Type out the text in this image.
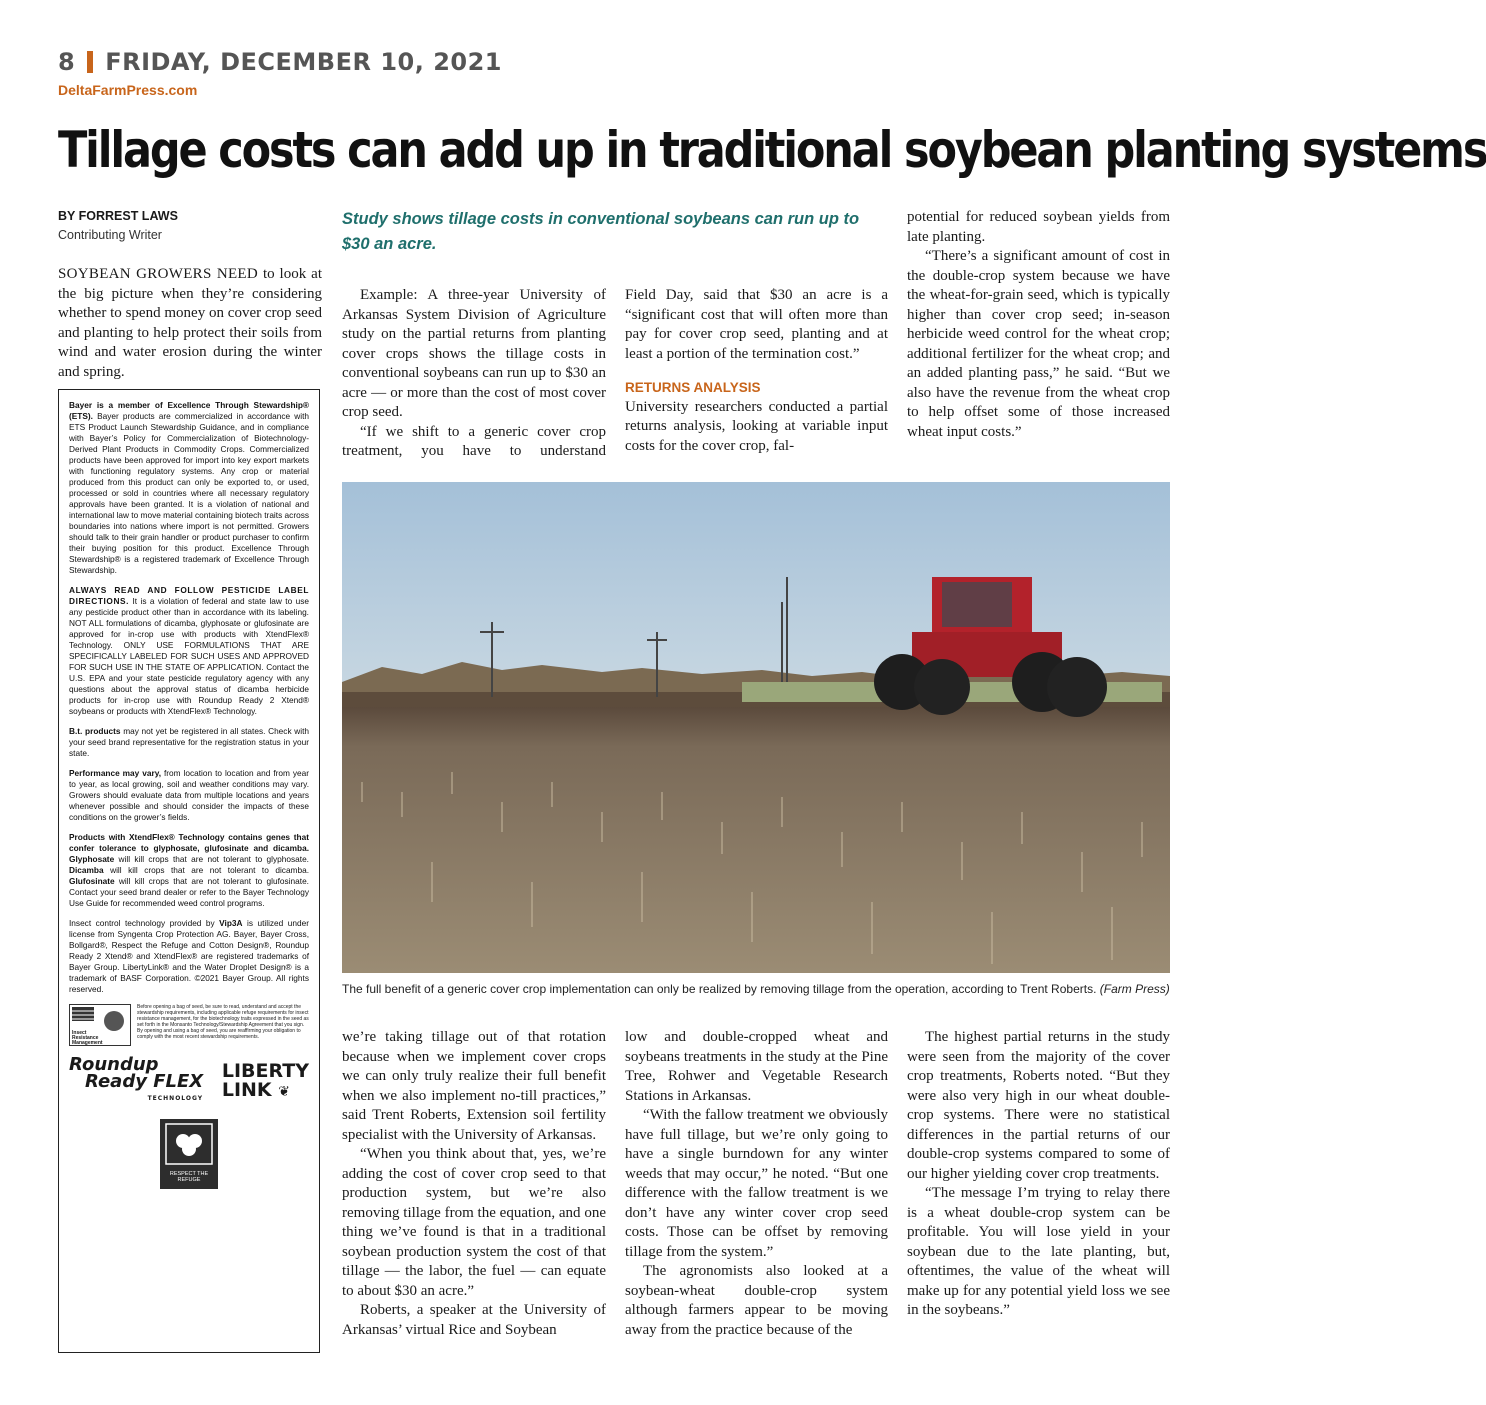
8 FRIDAY, DECEMBER 10, 2021
DeltaFarmPress.com
Tillage costs can add up in traditional soybean planting systems
BY FORREST LAWS
Contributing Writer
Study shows tillage costs in conventional soybeans can run up to $30 an acre.

SOYBEAN GROWERS NEED to look at the big picture when they’re considering whether to spend money on cover crop seed and planting to help protect their soils from wind and water erosion during the winter and spring.

Example: A three-year University of Arkansas System Division of Agriculture study on the partial returns from planting cover crops shows the tillage costs in conventional soybeans can run up to $30 an acre — or more than the cost of most cover crop seed.

“If we shift to a generic cover crop treatment, you have to understand

Field Day, said that $30 an acre is a “significant cost that will often more than pay for cover crop seed, planting and at least a portion of the termination cost.”

RETURNS ANALYSIS

University researchers conducted a partial returns analysis, looking at variable input costs for the cover crop, fal-

potential for reduced soybean yields from late planting.

“There’s a significant amount of cost in the double-crop system because we have the wheat-for-grain seed, which is typically higher than cover crop seed; in-season herbicide weed control for the wheat crop; additional fertilizer for the wheat crop; and an added planting pass,” he said. “But we also have the revenue from the wheat crop to help offset some of those increased wheat input costs.”

The full benefit of a generic cover crop implementation can only be realized by removing tillage from the operation, according to Trent Roberts. (Farm Press)

we’re taking tillage out of that rotation because when we implement cover crops we can only truly realize their full benefit when we also implement no-till practices,” said Trent Roberts, Extension soil fertility specialist with the University of Arkansas.

“When you think about that, yes, we’re adding the cost of cover crop seed to that production system, but we’re also removing tillage from the equation, and one thing we’ve found is that in a traditional soybean production system the cost of that tillage — the labor, the fuel — can equate to about $30 an acre.”

Roberts, a speaker at the University of Arkansas’ virtual Rice and Soybean

low and double-cropped wheat and soybeans treatments in the study at the Pine Tree, Rohwer and Vegetable Research Stations in Arkansas.

“With the fallow treatment we obviously have full tillage, but we’re only going to have a single burndown for any winter weeds that may occur,” he noted. “But one difference with the fallow treatment is we don’t have any winter cover crop seed costs. Those can be offset by removing tillage from the system.”

The agronomists also looked at a soybean-wheat double-crop system although farmers appear to be moving away from the practice because of the

The highest partial returns in the study were seen from the majority of the cover crop treatments, Roberts noted. “But they were also very high in our wheat double-crop systems. There were no statistical differences in the partial returns of our double-crop systems compared to some of our higher yielding cover crop treatments.

“The message I’m trying to relay there is a wheat double-crop system can be profitable. You will lose yield in your soybean due to the late planting, but, oftentimes, the value of the wheat will make up for any potential yield loss we see in the soybeans.”

Bayer is a member of Excellence Through Stewardship® (ETS). Bayer products are commercialized in accordance with ETS Product Launch Stewardship Guidance, and in compliance with Bayer’s Policy for Commercialization of Biotechnology-Derived Plant Products in Commodity Crops. Commercialized products have been approved for import into key export markets with functioning regulatory systems. Any crop or material produced from this product can only be exported to, or used, processed or sold in countries where all necessary regulatory approvals have been granted. It is a violation of national and international law to move material containing biotech traits across boundaries into nations where import is not permitted. Growers should talk to their grain handler or product purchaser to confirm their buying position for this product. Excellence Through Stewardship® is a registered trademark of Excellence Through Stewardship.

ALWAYS READ AND FOLLOW PESTICIDE LABEL DIRECTIONS. It is a violation of federal and state law to use any pesticide product other than in accordance with its labeling. NOT ALL formulations of dicamba, glyphosate or glufosinate are approved for in-crop use with products with XtendFlex® Technology. ONLY USE FORMULATIONS THAT ARE SPECIFICALLY LABELED FOR SUCH USES AND APPROVED FOR SUCH USE IN THE STATE OF APPLICATION. Contact the U.S. EPA and your state pesticide regulatory agency with any questions about the approval status of dicamba herbicide products for in-crop use with Roundup Ready 2 Xtend® soybeans or products with XtendFlex® Technology.

B.t. products may not yet be registered in all states. Check with your seed brand representative for the registration status in your state.

Performance may vary, from location to location and from year to year, as local growing, soil and weather conditions may vary. Growers should evaluate data from multiple locations and years whenever possible and should consider the impacts of these conditions on the grower’s fields.

Products with XtendFlex® Technology contains genes that confer tolerance to glyphosate, glufosinate and dicamba. Glyphosate will kill crops that are not tolerant to glyphosate. Dicamba will kill crops that are not tolerant to dicamba. Glufosinate will kill crops that are not tolerant to glufosinate. Contact your seed brand dealer or refer to the Bayer Technology Use Guide for recommended weed control programs.

Insect control technology provided by Vip3A is utilized under license from Syngenta Crop Protection AG. Bayer, Bayer Cross, Bollgard®, Respect the Refuge and Cotton Design®, Roundup Ready 2 Xtend® and XtendFlex® are registered trademarks of Bayer Group. LibertyLink® and the Water Droplet Design® is a trademark of BASF Corporation. ©2021 Bayer Group. All rights reserved.

Insect Resistance Management
Before opening a bag of seed, be sure to read, understand and accept the stewardship requirements, including applicable refuge requirements for insect resistance management, for the biotechnology traits expressed in the seed as set forth in the Monsanto Technology/Stewardship Agreement that you sign. By opening and using a bag of seed, you are reaffirming your obligation to comply with the most recent stewardship requirements.
Roundup
Ready FLEX
TECHNOLOGY
LIBERTY
LINK ❦
RESPECT THE REFUGE
